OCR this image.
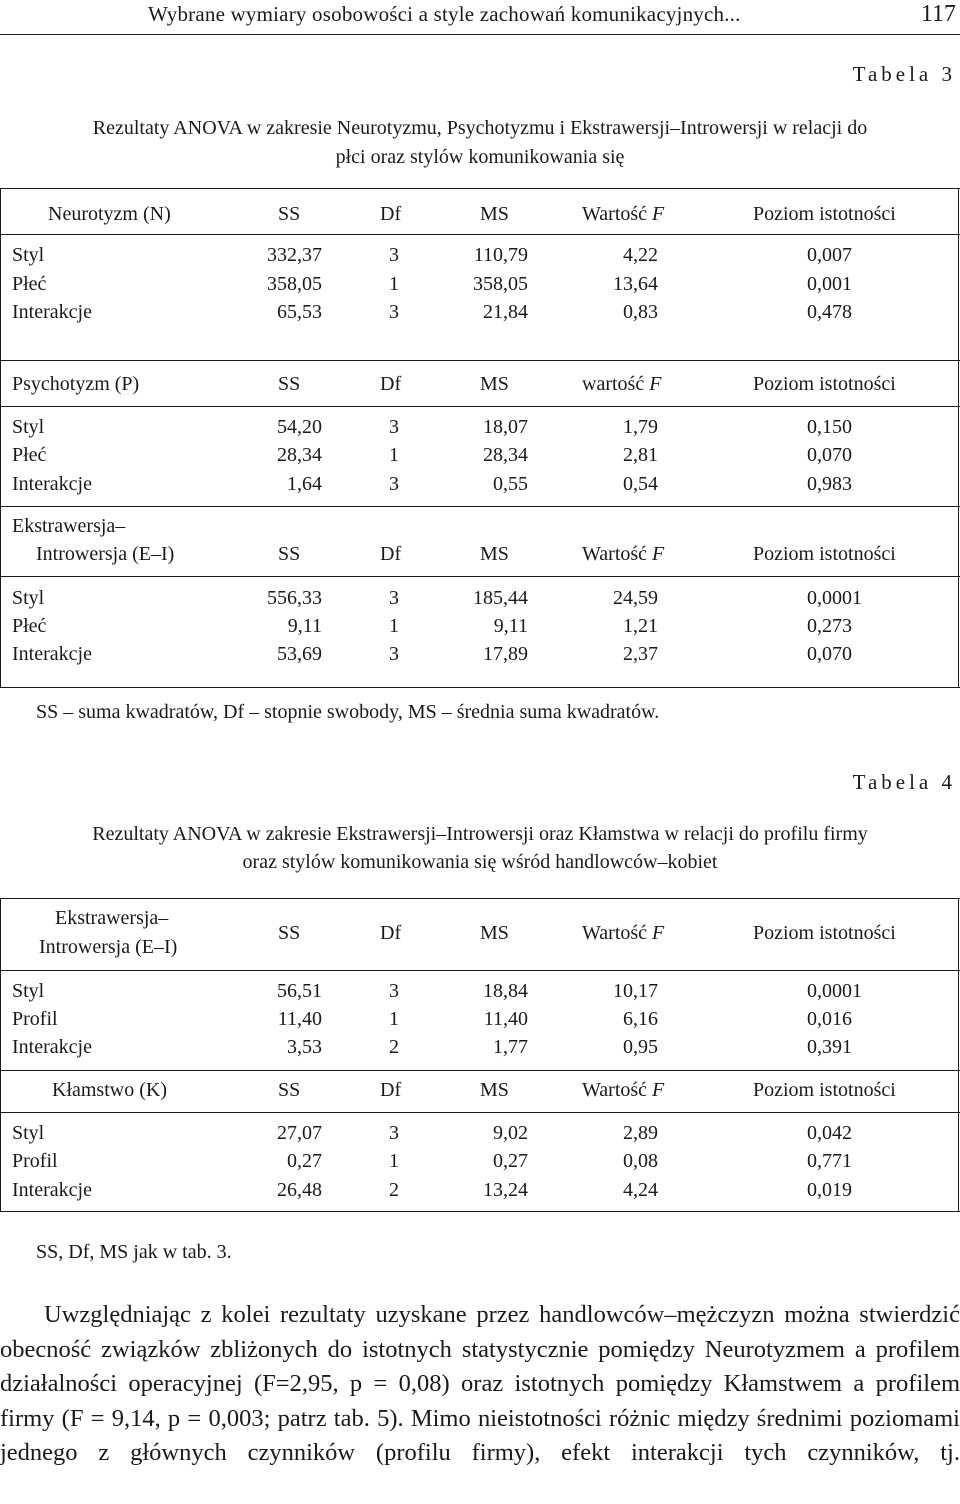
Wybrane wymiary osobowości a style zachowań komunikacyjnych...	117
Tabela 3
Rezultaty ANOVA w zakresie Neurotyzmu, Psychotyzmu i Ekstrawersji–Introwersji w relacji do
płci oraz stylów komunikowania się
Neurotyzm (N)	SS	Df	MS	Wartość F	Poziom istotności
Styl	332,37	3	110,79	4,22	0,007
Płeć	358,05	1	358,05	13,64	0,001
Interakcje	65,53	3	21,84	0,83	0,478
Psychotyzm (P)	SS	Df	MS	wartość F	Poziom istotności
Styl	54,20	3	18,07	1,79	0,150
Płeć	28,34	1	28,34	2,81	0,070
Interakcje	1,64	3	0,55	0,54	0,983
Ekstrawersja–
Introwersja (E–I)	SS	Df	MS	Wartość F	Poziom istotności
Styl	556,33	3	185,44	24,59	0,0001
Płeć	9,11	1	9,11	1,21	0,273
Interakcje	53,69	3	17,89	2,37	0,070
SS – suma kwadratów, Df – stopnie swobody, MS – średnia suma kwadratów.
Tabela 4
Rezultaty ANOVA w zakresie Ekstrawersji–Introwersji oraz Kłamstwa w relacji do profilu firmy
oraz stylów komunikowania się wśród handlowców–kobiet
Ekstrawersja–
Introwersja (E–I)
SS	Df	MS	Wartość F	Poziom istotności
Styl	56,51	3	18,84	10,17	0,0001
Profil	11,40	1	11,40	6,16	0,016
Interakcje	3,53	2	1,77	0,95	0,391
Kłamstwo (K)	SS	Df	MS	Wartość F	Poziom istotności
Styl	27,07	3	9,02	2,89	0,042
Profil	0,27	1	0,27	0,08	0,771
Interakcje	26,48	2	13,24	4,24	0,019
SS, Df, MS jak w tab. 3.

Uwzględniając z kolei rezultaty uzyskane przez handlowców–mężczyzn można stwierdzić obecność związków zbliżonych do istotnych statystycznie pomiędzy Neurotyzmem a profilem działalności operacyjnej (F=2,95, p = 0,08) oraz istotnych pomiędzy Kłamstwem a profilem firmy (F = 9,14, p = 0,003; patrz tab. 5). Mimo nieistotności różnic między średnimi poziomami jednego z głównych czynników (profilu firmy), efekt interakcji tych czynników, tj.
